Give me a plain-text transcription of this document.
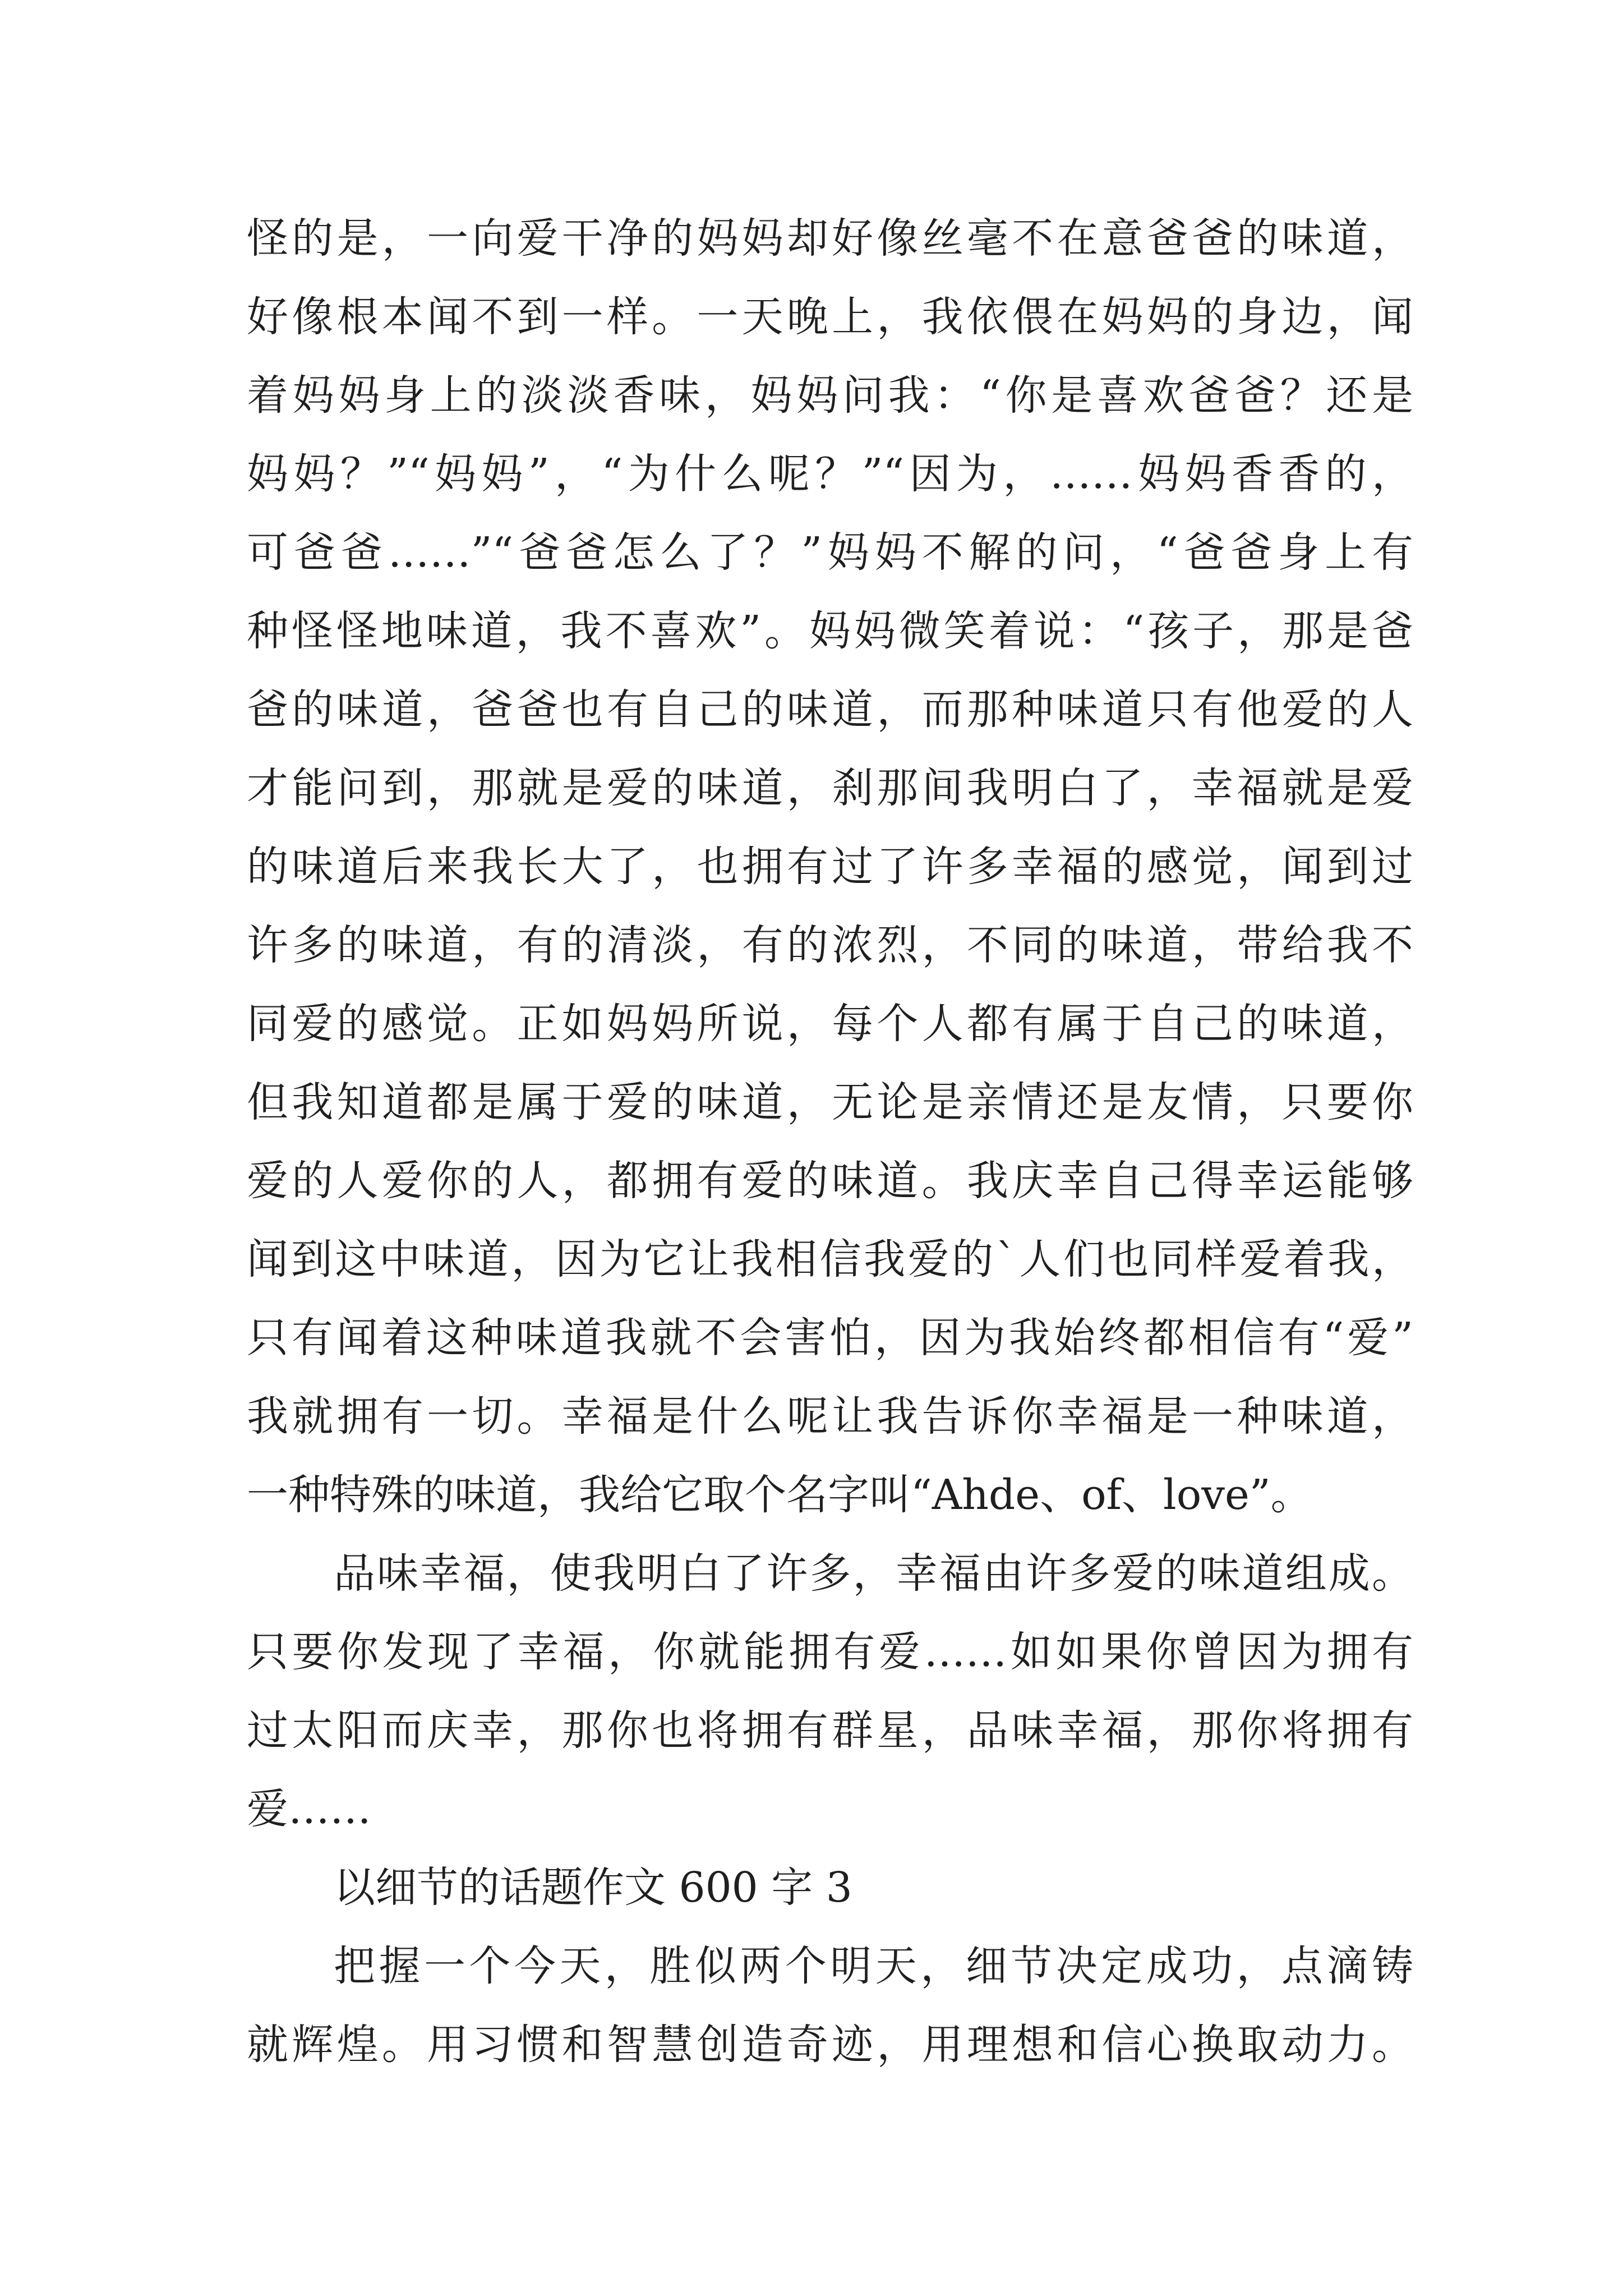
怪的是，一向爱干净的妈妈却好像丝毫不在意爸爸的味道，
好像根本闻不到一样。一天晚上，我依偎在妈妈的身边，闻
着妈妈身上的淡淡香味，妈妈问我：“你是喜欢爸爸？还是
妈妈？”“妈妈”，“为什么呢？”“因为，……妈妈香香的，
可爸爸……”“爸爸怎么了？”妈妈不解的问，“爸爸身上有
种怪怪地味道，我不喜欢”。妈妈微笑着说：“孩子，那是爸
爸的味道，爸爸也有自己的味道，而那种味道只有他爱的人
才能问到，那就是爱的味道，刹那间我明白了，幸福就是爱
的味道后来我长大了，也拥有过了许多幸福的感觉，闻到过
许多的味道，有的清淡，有的浓烈，不同的味道，带给我不
同爱的感觉。正如妈妈所说，每个人都有属于自己的味道，
但我知道都是属于爱的味道，无论是亲情还是友情，只要你
爱的人爱你的人，都拥有爱的味道。我庆幸自己得幸运能够
闻到这中味道，因为它让我相信我爱的`人们也同样爱着我，
只有闻着这种味道我就不会害怕，因为我始终都相信有“爱”
我就拥有一切。幸福是什么呢让我告诉你幸福是一种味道，
一种特殊的味道，我给它取个名字叫“Ahde、of、love”。
品味幸福，使我明白了许多，幸福由许多爱的味道组成。
只要你发现了幸福，你就能拥有爱……如如果你曾因为拥有
过太阳而庆幸，那你也将拥有群星，品味幸福，那你将拥有
爱……
以细节的话题作文 600 字 3
把握一个今天，胜似两个明天，细节决定成功，点滴铸
就辉煌。用习惯和智慧创造奇迹，用理想和信心换取动力。
